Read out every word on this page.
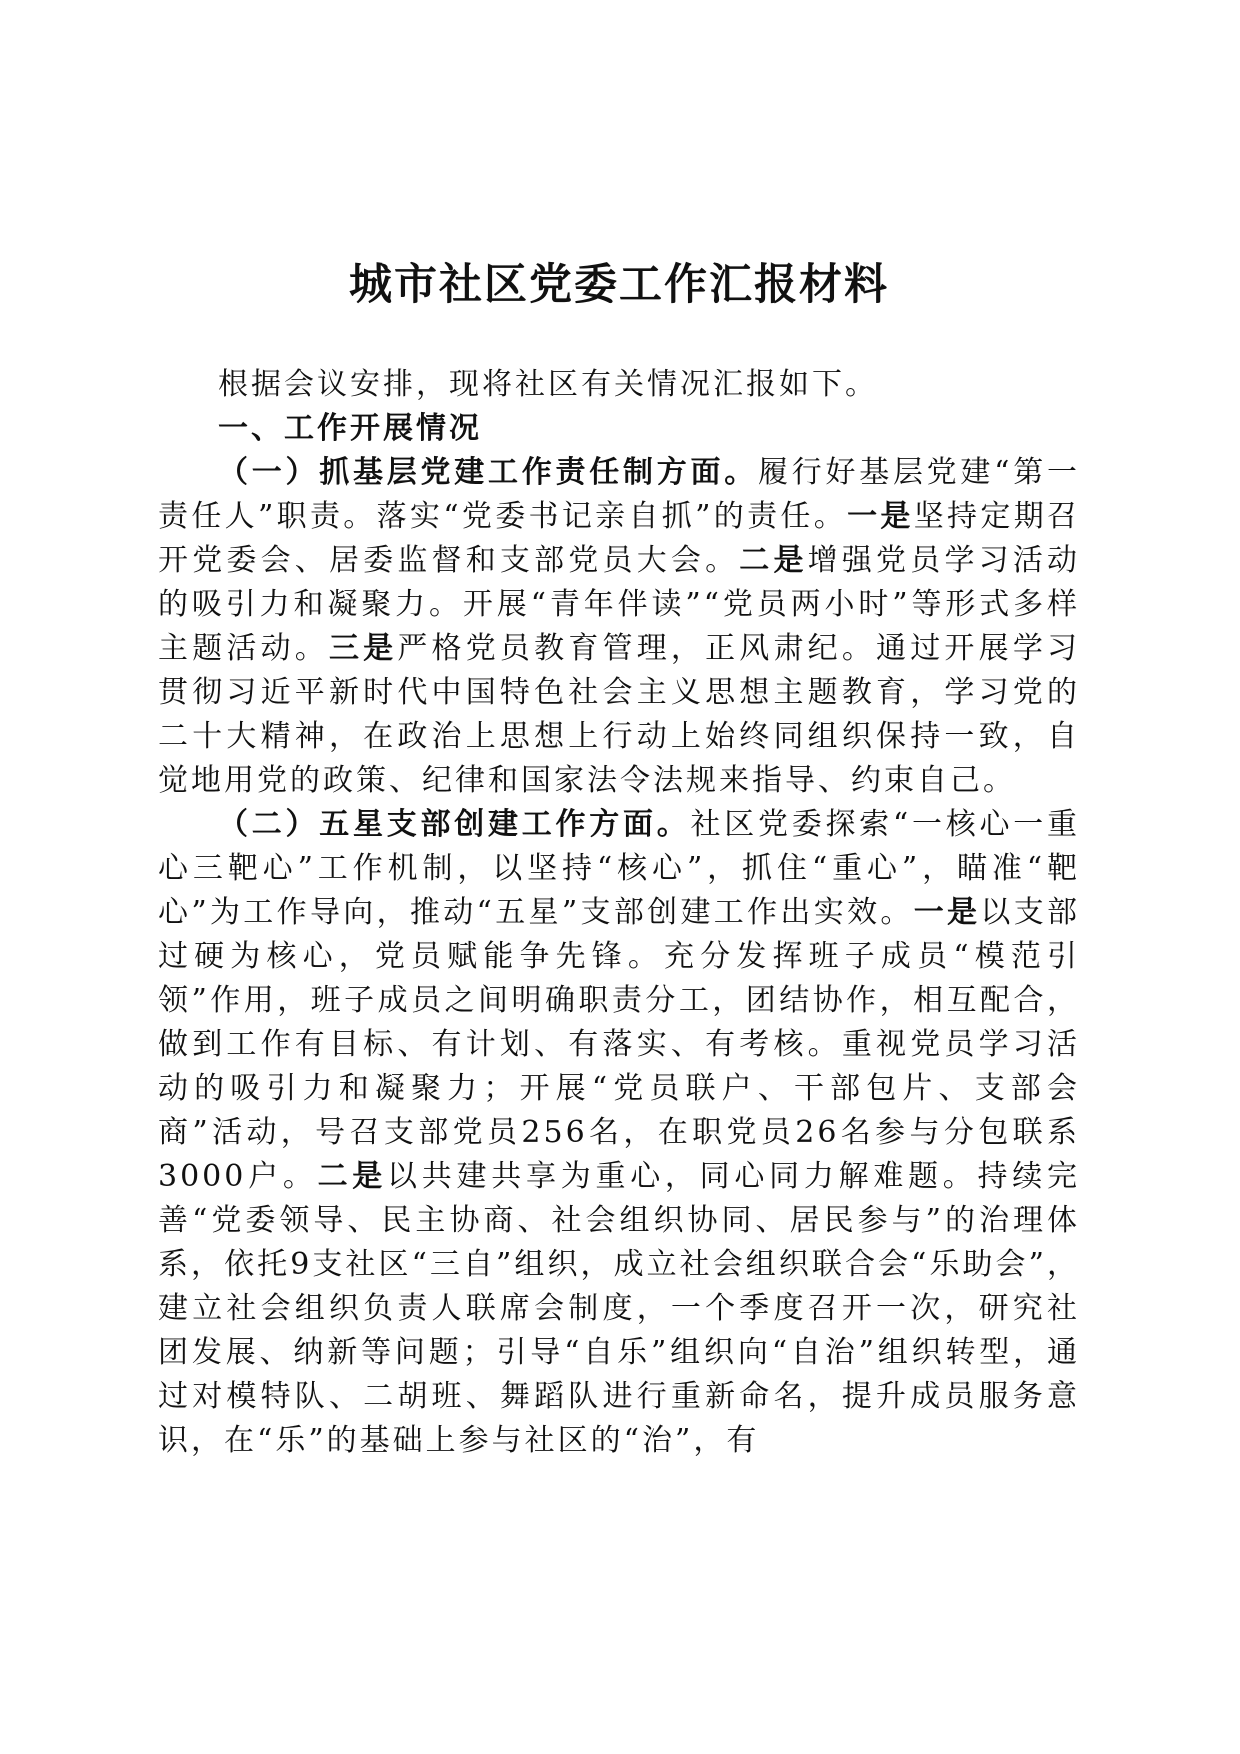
城市社区党委工作汇报材料

根据会议安排，现将社区有关情况汇报如下。

一、工作开展情况

（一）抓基层党建工作责任制方面。履行好基层党建“第一责任人”职责。落实“党委书记亲自抓”的责任。一是坚持定期召开党委会、居委监督和支部党员大会。二是增强党员学习活动的吸引力和凝聚力。开展“青年伴读”“党员两小时”等形式多样主题活动。三是严格党员教育管理，正风肃纪。通过开展学习贯彻习近平新时代中国特色社会主义思想主题教育，学习党的二十大精神，在政治上思想上行动上始终同组织保持一致，自觉地用党的政策、纪律和国家法令法规来指导、约束自己。

（二）五星支部创建工作方面。社区党委探索“一核心一重心三靶心”工作机制，以坚持“核心”，抓住“重心”，瞄准“靶心”为工作导向，推动“五星”支部创建工作出实效。一是以支部过硬为核心，党员赋能争先锋。充分发挥班子成员“模范引领”作用，班子成员之间明确职责分工，团结协作，相互配合，做到工作有目标、有计划、有落实、有考核。重视党员学习活动的吸引力和凝聚力；开展“党员联户、干部包片、支部会商”活动，号召支部党员256名，在职党员26名参与分包联系3000户。二是以共建共享为重心，同心同力解难题。持续完善“党委领导、民主协商、社会组织协同、居民参与”的治理体系，依托9支社区“三自”组织，成立社会组织联合会“乐助会”，建立社会组织负责人联席会制度，一个季度召开一次，研究社团发展、纳新等问题；引导“自乐”组织向“自治”组织转型，通过对模特队、二胡班、舞蹈队进行重新命名，提升成员服务意识，在“乐”的基础上参与社区的“治”，有
